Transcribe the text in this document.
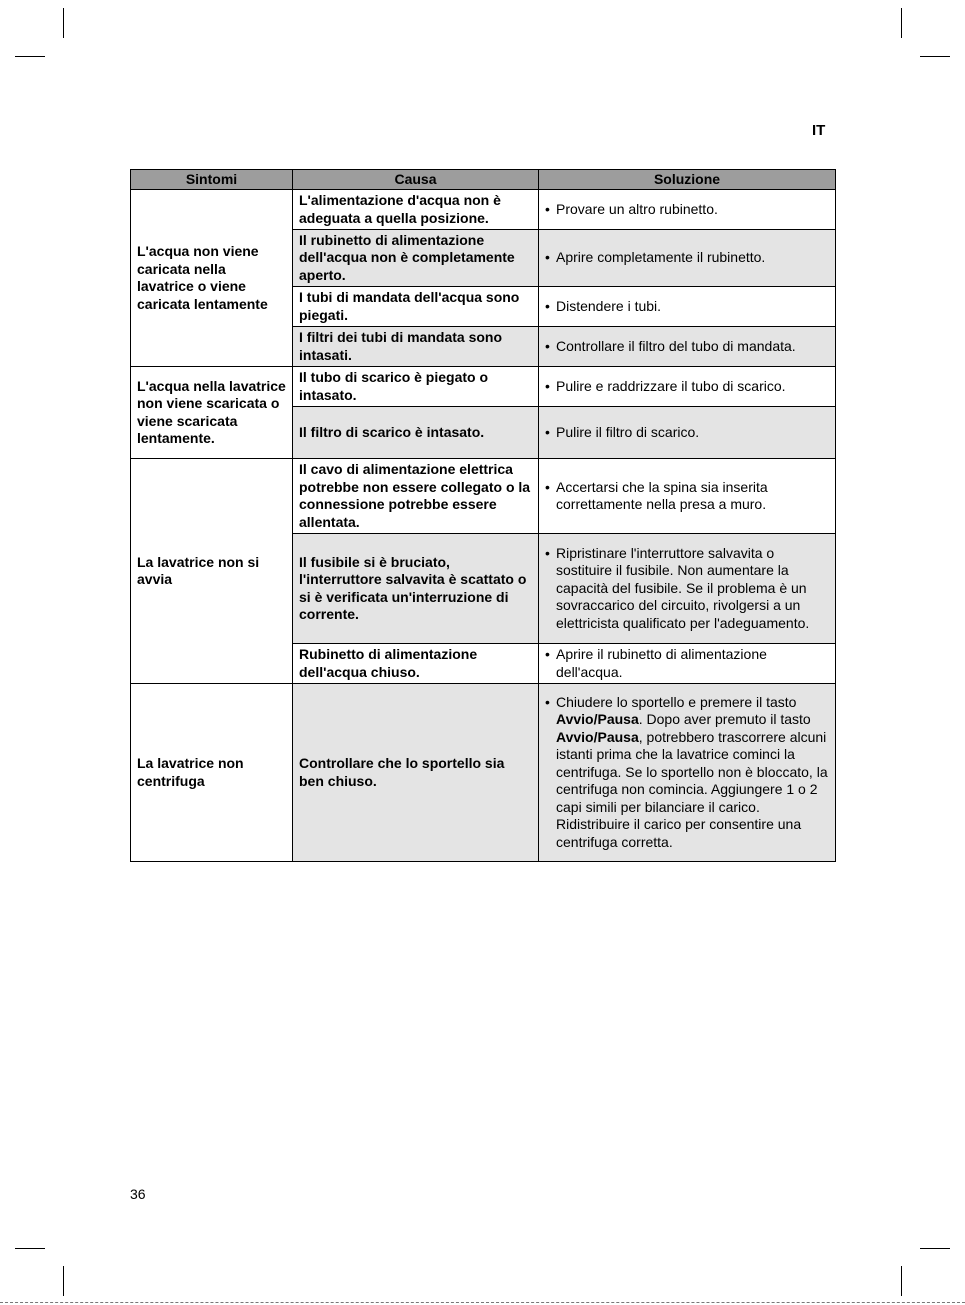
IT
Sintomi	Causa	Soluzione
L'acqua non viene caricata nella lavatrice o viene caricata lentamente	L'alimentazione d'acqua non è adeguata a quella posizione.	• Provare un altro rubinetto.

	Il rubinetto di alimentazione dell'acqua non è completamente aperto.	• Aprire completamente il rubinetto.

	I tubi di mandata dell'acqua sono piegati.	• Distendere i tubi.

	I filtri dei tubi di mandata sono intasati.	• Controllare il filtro del tubo di mandata.

L'acqua nella lavatrice non viene scaricata o viene scaricata lentamente.	Il tubo di scarico è piegato o intasato.	• Pulire e raddrizzare il tubo di scarico.

	Il filtro di scarico è intasato.	• Pulire il filtro di scarico.

La lavatrice non si avvia	Il cavo di alimentazione elettrica potrebbe non essere collegato o la connessione potrebbe essere allentata.	• Accertarsi che la spina sia inserita correttamente nella presa a muro.

	Il fusibile si è bruciato, l'interruttore salvavita è scattato o si è verificata un'interruzione di corrente.	• Ripristinare l'interruttore salvavita o sostituire il fusibile. Non aumentare la capacità del fusibile. Se il problema è un sovraccarico del circuito, rivolgersi a un elettricista qualificato per l'adeguamento.

	Rubinetto di alimentazione dell'acqua chiuso.	• Aprire il rubinetto di alimentazione dell'acqua.

La lavatrice non centrifuga	Controllare che lo sportello sia ben chiuso.	• Chiudere lo sportello e premere il tasto Avvio/Pausa. Dopo aver premuto il tasto Avvio/Pausa, potrebbero trascorrere alcuni istanti prima che la lavatrice cominci la centrifuga. Se lo sportello non è bloccato, la centrifuga non comincia. Aggiungere 1 o 2 capi simili per bilanciare il carico. Ridistribuire il carico per consentire una centrifuga corretta.
36
